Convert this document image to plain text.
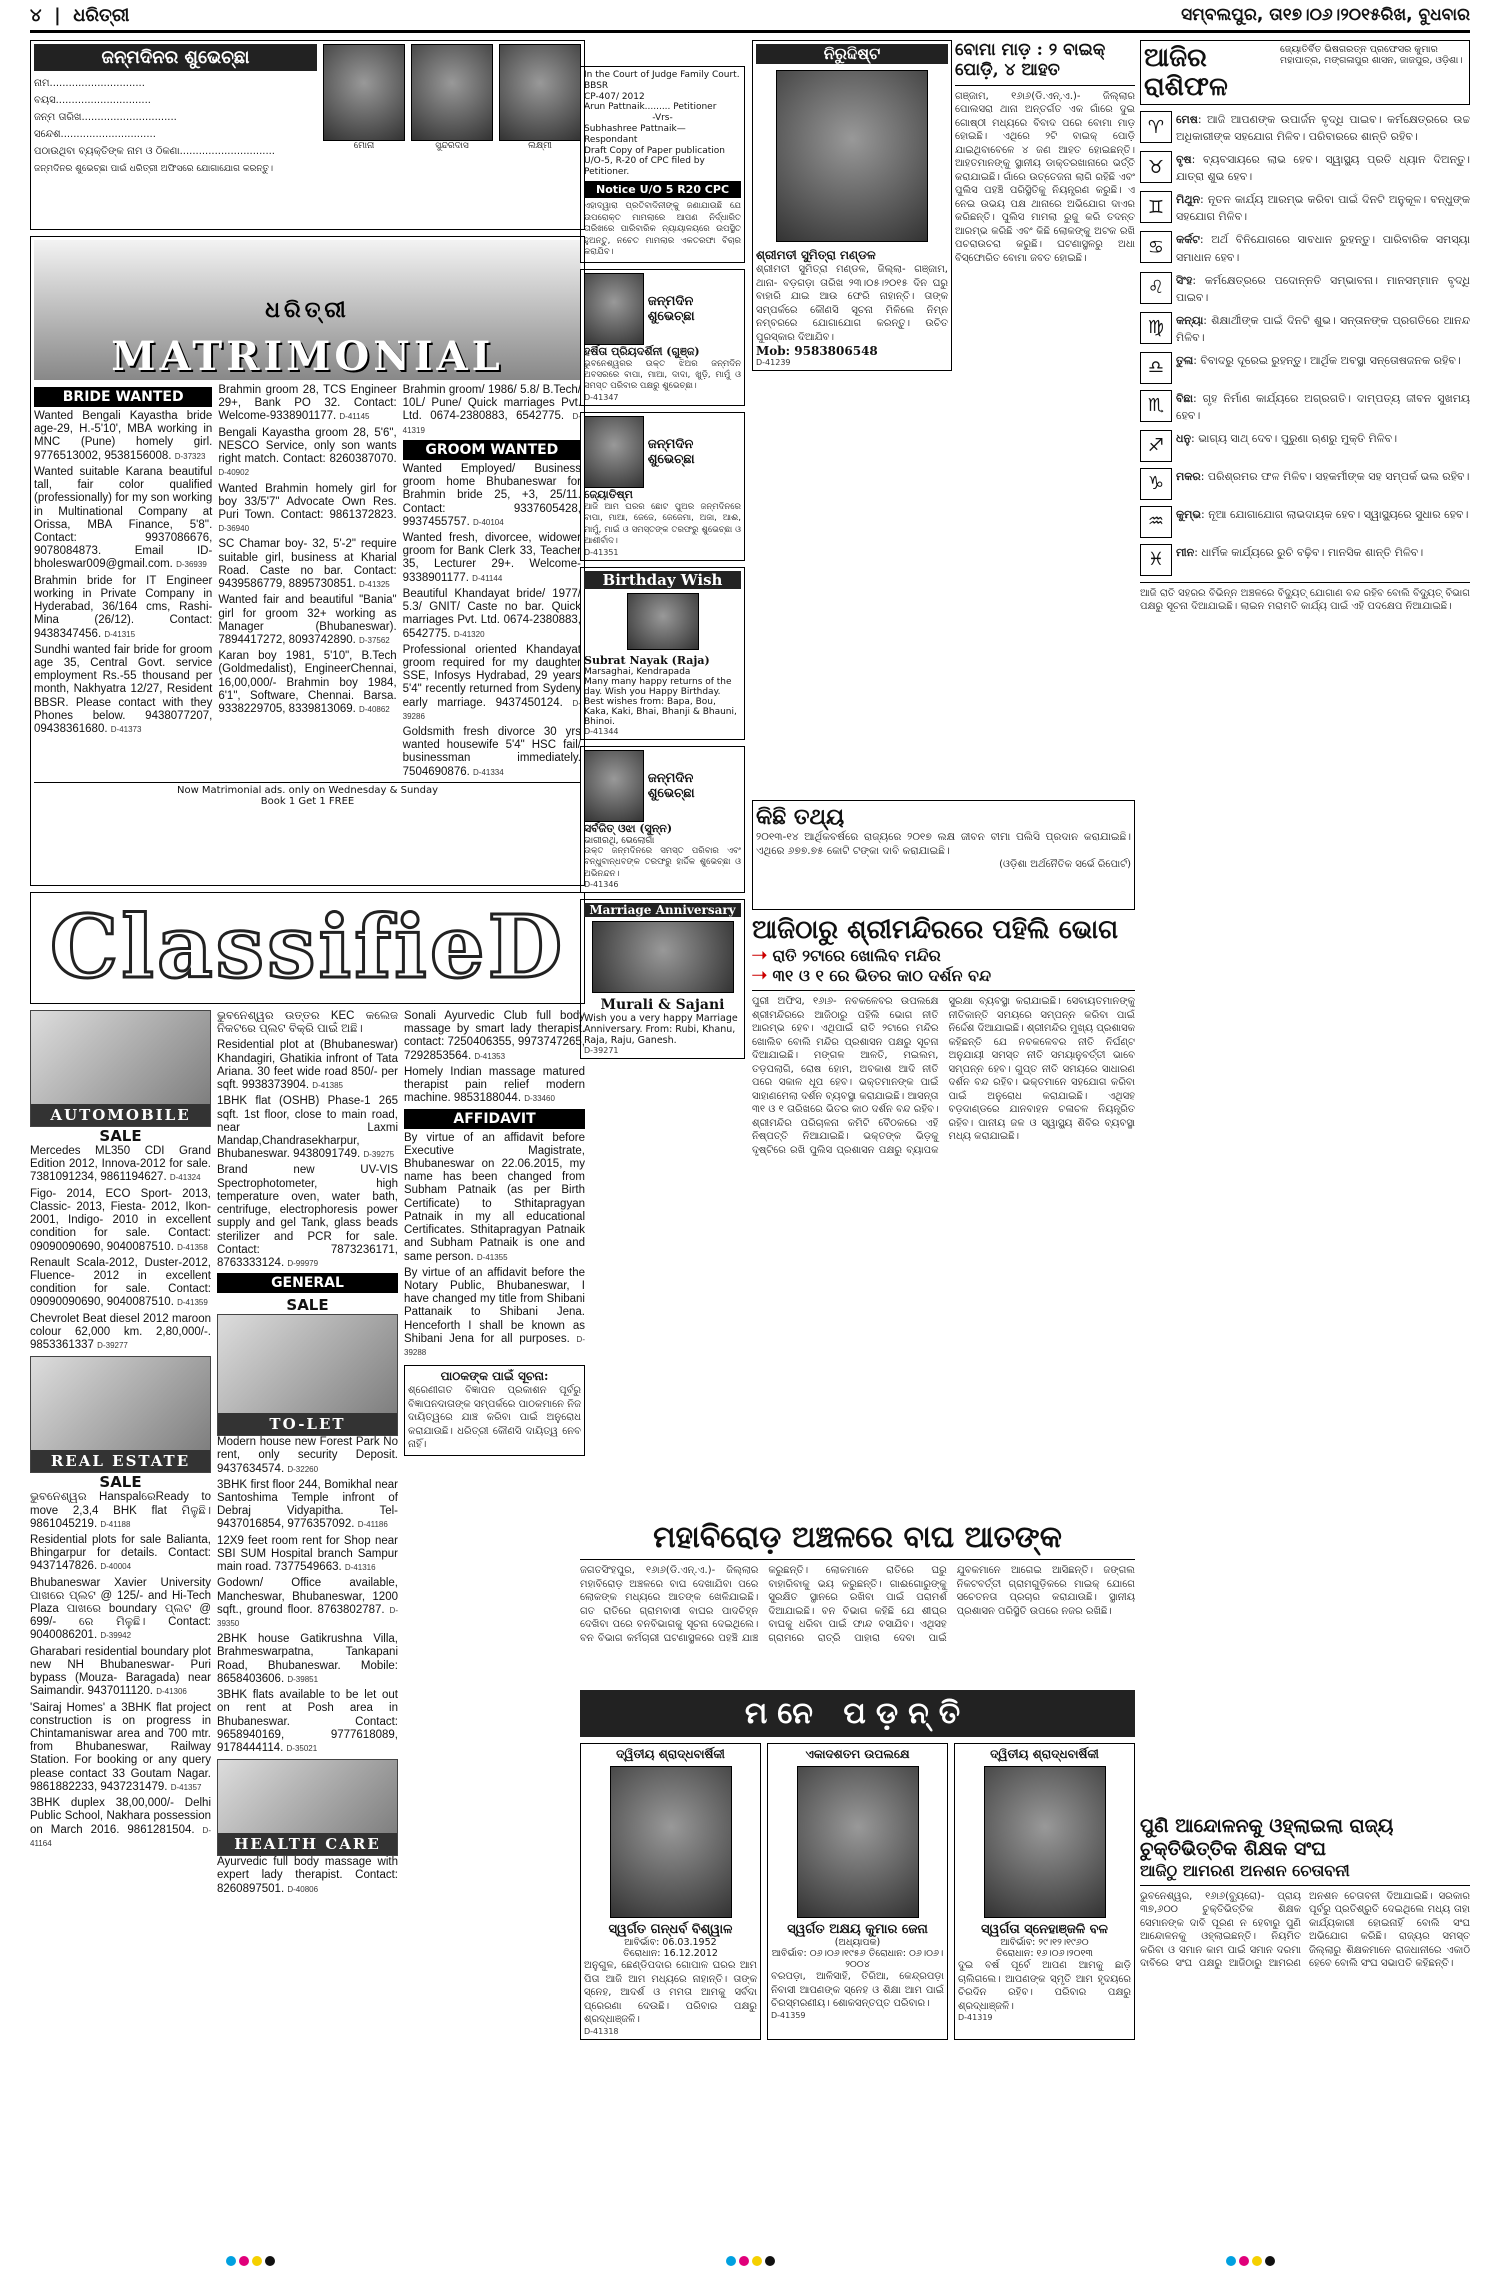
୪  |  ଧରିତ୍ରୀ	ସମ୍ବଲପୁର, ତା୧୭।୦୬।୨୦୧୫ରିଖ, ବୁଧବାର
ଜନ୍ମଦିନର ଶୁଭେଚ୍ଛା
ନାମ..............................
ବୟସ..............................
ଜନ୍ମ ତାରିଖ..............................
ସନ୍ଦେଶ..............................
ପଠାଉଥିବା ବ୍ୟକ୍ତିଙ୍କ ନାମ ଓ ଠିକଣା..............................	ମୋନା	ସୁନ୍ଦରଦାସ	ଲକ୍ଷ୍ମୀ
ଜନ୍ମଦିନର ଶୁଭେଚ୍ଛା ପାଇଁ ଧରିତ୍ରୀ ଅଫିସରେ ଯୋଗାଯୋଗ କରନ୍ତୁ।
ଧରିତ୍ରୀ
MATRIMONIAL
BRIDE WANTED
Wanted Bengali Kayastha bride age-29, H.-5'10', MBA working in MNC (Pune) homely girl. 9776513002, 9538156008. D-37323
Wanted suitable Karana beautiful tall, fair color qualified (professionally) for my son working in Multinational Company at Orissa, MBA Finance, 5'8''. Contact: 9937086676, 9078084873. Email ID-bholeswar009@gmail.com. D-36939
Brahmin bride for IT Engineer working in Private Company in Hyderabad, 36/164 cms, Rashi-Mina (26/12). Contact: 9438347456. D-41315
Sundhi wanted fair bride for groom age 35, Central Govt. service employment Rs.-55 thousand per month, Nakhyatra 12/27, Resident BBSR. Please contact with they Phones below. 9438077207, 09438361680. D-41373
Brahmin groom 28, TCS Engineer 29+, Bank PO 32. Contact: Welcome-9338901177. D-41145
Bengali Kayastha groom 28, 5'6", NESCO Service, only son wants right match. Contact: 8260387070. D-40902
Wanted Brahmin homely girl for boy 33/5'7" Advocate Own Res. Puri Town. Contact: 9861372823. D-36940
SC Chamar boy- 32, 5'-2" require suitable girl, business at Kharial Road. Caste no bar. Contact: 9439586779, 8895730851. D-41325
Wanted fair and beautiful "Bania" girl for groom 32+ working as Manager (Bhubaneswar). 7894417272, 8093742890. D-37562
Karan boy 1981, 5'10", B.Tech (Goldmedalist), EngineerChennai, 16,00,000/- Brahmin boy 1984, 6'1", Software, Chennai. Barsa. 9338229705, 8339813069. D-40862
Brahmin groom/ 1986/ 5.8/ B.Tech/ 10L/ Pune/ Quick marriages Pvt. Ltd. 0674-2380883, 6542775. D-41319
GROOM WANTED
Wanted Employed/ Business groom home Bhubaneswar for Brahmin bride 25, +3, 25/11. Contact: 9337605428, 9937455757. D-40104
Wanted fresh, divorcee, widower groom for Bank Clerk 33, Teacher 35, Lecturer 29+. Welcome-9338901177. D-41144
Beautiful Khandayat bride/ 1977/ 5.3/ GNIT/ Caste no bar. Quick marriages Pvt. Ltd. 0674-2380883, 6542775. D-41320
Professional oriented Khandayat groom required for my daughter SSE, Infosys Hydrabad, 29 years 5'4" recently returned from Sydeny early marriage. 9437450124. D-39286
Goldsmith fresh divorce 30 yrs wanted housewife 5'4" HSC fail/ businessman immediately. 7504690876. D-41334
Now Matrimonial ads. only on Wednesday & Sunday
Book 1 Get 1 FREE
ClassifieD
AUTOMOBILE
SALE
Mercedes ML350 CDI Grand Edition 2012, Innova-2012 for sale. 7381091234, 9861194627. D-41324
Figo- 2014, ECO Sport- 2013, Classic- 2013, Fiesta- 2012, Ikon- 2001, Indigo- 2010 in excellent condition for sale. Contact: 09090090690, 9040087510. D-41358
Renault Scala-2012, Duster-2012, Fluence- 2012 in excellent condition for sale. Contact: 09090090690, 9040087510. D-41359
Chevrolet Beat diesel 2012 maroon colour 62,000 km. 2,80,000/-. 9853361337 D-39277
REAL ESTATE
SALE
ଭୁବନେଶ୍ୱର HanspalରେReady to move 2,3,4 BHK flat ମିଳୁଛି। 9861045219. D-41188
Residential plots for sale Balianta, Bhingarpur for details. Contact: 9437147826. D-40004
Bhubaneswar Xavier University ପାଖରେ ପ୍ଲଟ @ 125/- and Hi-Tech Plaza ପାଖରେ boundary ପ୍ଲଟ @ 699/- ରେ ମିଳୁଛି। Contact: 9040086201. D-39942
Gharabari residential boundary plot new NH Bhubaneswar- Puri bypass (Mouza- Baragada) near Saimandir. 9437011120. D-41306
'Sairaj Homes' a 3BHK flat project construction is on progress in Chintamaniswar area and 700 mtr. from Bhubaneswar, Railway Station. For booking or any query please contact 33 Goutam Nagar. 9861882233, 9437231479. D-41357
3BHK duplex 38,00,000/- Delhi Public School, Nakhara possession on March 2016. 9861281504. D-41164
ଭୁବନେଶ୍ୱର ଉତ୍ତର KEC କଲେଜ ନିକଟରେ ପ୍ଲଟ ବିକ୍ରି ପାଇଁ ଅଛି।
Residential plot at (Bhubaneswar) Khandagiri, Ghatikia infront of Tata Ariana. 30 feet wide road 850/- per sqft. 9938373904. D-41385
1BHK flat (OSHB) Phase-1 265 sqft. 1st floor, close to main road, near Laxmi Mandap,Chandrasekharpur, Bhubaneswar. 9438091749. D-39275
Brand new UV-VIS Spectrophotometer, high temperature oven, water bath, centrifuge, electrophoresis power supply and gel Tank, glass beads sterilizer and PCR for sale. Contact: 7873236171, 8763333124. D-99979
GENERAL
SALE
TO-LET
Modern house new Forest Park No rent, only security Deposit. 9437634574. D-32260
3BHK first floor 244, Bomikhal near Santoshima Temple infront of Debraj Vidyapitha. Tel-9437016854, 9776357092. D-41186
12X9 feet room rent for Shop near SBI SUM Hospital branch Sampur main road. 7377549663. D-41316
Godown/ Office available, Mancheswar, Bhubaneswar, 1200 sqft., ground floor. 8763802787. D-39350
2BHK house Gatikrushna Villa, Brahmeswarpatna, Tankapani Road, Bhubaneswar. Mobile: 8658403606. D-39851
3BHK flats available to be let out on rent at Posh area in Bhubaneswar. Contact: 9658940169, 9777618089, 9178444114. D-35021
HEALTH CARE
Ayurvedic full body massage with expert lady therapist. Contact: 8260897501. D-40806
Sonali Ayurvedic Club full body massage by smart lady therapist. contact: 7250406355, 9973747265, 7292853564. D-41353
Homely Indian massage matured therapist pain relief modern machine. 9853188044. D-33460
AFFIDAVIT
By virtue of an affidavit before Executive Magistrate, Bhubaneswar on 22.06.2015, my name has been changed from Subham Patnaik (as per Birth Certificate) to Sthitapragyan Patnaik in my all educational Certificates. Sthitapragyan Patnaik and Subham Patnaik is one and same person. D-41355
By virtue of an affidavit before the Notary Public, Bhubaneswar, I have changed my title from Shibani Pattanaik to Shibani Jena. Henceforth I shall be known as Shibani Jena for all purposes. D-39288
ପାଠକଙ୍କ ପାଇଁ ସୂଚନା:
ଶ୍ରେଣୀଗତ ବିଜ୍ଞାପନ ପ୍ରକାଶନ ପୂର୍ବରୁ ବିଜ୍ଞାପନଦାତାଙ୍କ ସମ୍ପର୍କରେ ପାଠକମାନେ ନିଜ ଦାୟିତ୍ୱରେ ଯାଞ୍ଚ କରିବା ପାଇଁ ଅନୁରୋଧ କରାଯାଉଛି। ଧରିତ୍ରୀ କୌଣସି ଦାୟିତ୍ୱ ନେବ ନାହିଁ।
In the Court of Judge Family Court. BBSR
CP-407/ 2012
Arun Pattnaik......... Petitioner
-Vrs-
Subhashree Pattnaik— Respondant
Draft Copy of Paper publication U/O-5, R-20 of CPC filed by Petitioner.
Notice U/O 5 R20 CPC
ଏହାଦ୍ୱାରା ପ୍ରତିବାଦିନୀଙ୍କୁ ଜଣାଯାଉଛି ଯେ ଉପରୋକ୍ତ ମାମଲାରେ ଆପଣ ନିର୍ଦ୍ଧାରିତ ତାରିଖରେ ପାରିବାରିକ ନ୍ୟାୟାଳୟରେ ଉପସ୍ଥିତ ହୁଅନ୍ତୁ, ନଚେତ ମାମଲାର ଏକତରଫା ବିଚାର କରାଯିବ।
ଜନ୍ମଦିନ ଶୁଭେଚ୍ଛା
ହର୍ଷିତା ପ୍ରିୟଦର୍ଶିନୀ (ଗୁଞ୍ଜ)
ଭୁବନେଶ୍ୱରର ଉକ୍ତ ଝିଅର ଜନ୍ମଦିନ ଅବସରରେ ବାପା, ମାଆ, ଦାଦା, ଖୁଡ଼ି, ମାମୁଁ ଓ ସମସ୍ତ ପରିବାର ପକ୍ଷରୁ ଶୁଭେଚ୍ଛା।
D-41347
ଜନ୍ମଦିନ ଶୁଭେଚ୍ଛା
ଜ୍ୟୋତିଷ୍ମ
ଆଜି ଆମ ଘରର ଛୋଟ ପୁଅର ଜନ୍ମଦିନରେ ବାପା, ମାଆ, ଜେଜେ, ଜେଜେମା, ଅଜା, ଆଈ, ମାମୁଁ, ମାଇଁ ଓ ସମସ୍ତଙ୍କ ତରଫରୁ ଶୁଭେଚ୍ଛା ଓ ଆଶୀର୍ବାଦ।
D-41351
Birthday Wish
Subrat Nayak (Raja)
Marsaghai, Kendrapada
Many many happy returns of the day. Wish you Happy Birthday. Best wishes from: Bapa, Bou, Kaka, Kaki, Bhai, Bhanji & Bhauni, Bhinoi.
D-41344
ଜନ୍ମଦିନ ଶୁଭେଚ୍ଛା
ସର୍ବଜିତ୍ ଓଝା (ସୁନ୍ନ)
ଭାଗୀରଥି, ଭେଲୋଗାଁ
ଉକ୍ତ ଜନ୍ମଦିନରେ ସମସ୍ତ ପରିବାର ଏବଂ ବନ୍ଧୁବାନ୍ଧବଙ୍କ ତରଫରୁ ହାର୍ଦ୍ଦିକ ଶୁଭେଚ୍ଛା ଓ ଅଭିନନ୍ଦନ।
D-41346
Marriage Anniversary
Murali & Sajani
Wish you a very happy Marriage Anniversary. From: Rubi, Khanu, Raja, Raju, Ganesh.
D-39271
ନିରୁଦ୍ଦିଷ୍ଟ
ଶ୍ରୀମତୀ ସୁମିତ୍ରା ମଣ୍ଡଳ
ଶ୍ରୀମତୀ ସୁମିତ୍ରା ମଣ୍ଡଳ, ଜିଲ୍ଲା- ଗଞ୍ଜାମ, ଥାନା- ବଡ଼ଗଡ଼ା ତାରିଖ ୨୩।୦୫।୨୦୧୫ ଦିନ ଘରୁ ବାହାରି ଯାଇ ଆଉ ଫେରି ନାହାନ୍ତି। ତାଙ୍କ ସମ୍ପର୍କରେ କୌଣସି ସୂଚନା ମିଳିଲେ ନିମ୍ନ ନମ୍ବରରେ ଯୋଗାଯୋଗ କରନ୍ତୁ। ଉଚିତ ପୁରସ୍କାର ଦିଆଯିବ।
Mob: 9583806548
D-41239
ବୋମା ମାଡ଼ : ୨ ବାଇକ୍ ପୋଡ଼ି, ୪ ଆହତ
ଗଞ୍ଜାମ, ୧୬ା୬(ଡି.ଏନ୍.ଏ.)- ଜିଲ୍ଲାର ପୋଲସରା ଥାନା ଅନ୍ତର୍ଗତ ଏକ ଗାଁରେ ଦୁଇ ଗୋଷ୍ଠୀ ମଧ୍ୟରେ ବିବାଦ ପରେ ବୋମା ମାଡ଼ ହୋଇଛି। ଏଥିରେ ୨ଟି ବାଇକ୍ ପୋଡ଼ି ଯାଇଥିବାବେଳେ ୪ ଜଣ ଆହତ ହୋଇଛନ୍ତି। ଆହତମାନଙ୍କୁ ସ୍ଥାନୀୟ ଡାକ୍ତରଖାନାରେ ଭର୍ତ୍ତି କରାଯାଇଛି। ଗାଁରେ ଉତ୍ତେଜନା ଲାଗି ରହିଛି ଏବଂ ପୁଲିସ ପହଞ୍ଚି ପରିସ୍ଥିତିକୁ ନିୟନ୍ତ୍ରଣ କରୁଛି। ଏ ନେଇ ଉଭୟ ପକ୍ଷ ଥାନାରେ ଅଭିଯୋଗ ଦାଏର କରିଛନ୍ତି। ପୁଲିସ ମାମଲା ରୁଜୁ କରି ତଦନ୍ତ ଆରମ୍ଭ କରିଛି ଏବଂ କିଛି ଲୋକଙ୍କୁ ଅଟକ ରଖି ପଚରାଉଚରା କରୁଛି। ଘଟଣାସ୍ଥଳରୁ ଅଧା ବିସ୍ଫୋରିତ ବୋମା ଜବତ ହୋଇଛି।
କିଛି ତଥ୍ୟ
୨୦୧୩-୧୪ ଆର୍ଥିକବର୍ଷରେ ରାଜ୍ୟରେ ୨୦୧୭ ଲକ୍ଷ ଜୀବନ ବୀମା ପଲିସି ପ୍ରଦାନ କରାଯାଇଛି। ଏଥିରେ ୬୭୭.୭୫ କୋଟି ଟଙ୍କା ଦାବି କରାଯାଇଛି।
(ଓଡ଼ିଶା ଅର୍ଥନୈତିକ ସର୍ଭେ ରିପୋର୍ଟ)
ଆଜିଠାରୁ ଶ୍ରୀମନ୍ଦିରରେ ପହିଲି ଭୋଗ
➝ ରାତି ୨ଟାରେ ଖୋଲିବ ମନ୍ଦିର
➝ ୩୧ ଓ ୧ ରେ ଭିତର କାଠ ଦର୍ଶନ ବନ୍ଦ
ପୁରୀ ଅଫିସ, ୧୬ା୬- ନବକଳେବର ଉପଲକ୍ଷେ ଶ୍ରୀମନ୍ଦିରରେ ଆଜିଠାରୁ ପହିଲି ଭୋଗ ନୀତି ଆରମ୍ଭ ହେବ। ଏଥିପାଇଁ ରାତି ୨ଟାରେ ମନ୍ଦିର ଖୋଲିବ ବୋଲି ମନ୍ଦିର ପ୍ରଶାସନ ପକ୍ଷରୁ ସୂଚନା ଦିଆଯାଇଛି। ମଙ୍ଗଳ ଆଳତି, ମଇଲମ, ତଡ଼ପଲାଗି, ରୋଷ ହୋମ, ଅବକାଶ ଆଦି ନୀତି ପରେ ସକାଳ ଧୂପ ହେବ। ଭକ୍ତମାନଙ୍କ ପାଇଁ ସାହାଣମେଲା ଦର୍ଶନ ବ୍ୟବସ୍ଥା କରାଯାଇଛି। ଆସନ୍ତା ୩୧ ଓ ୧ ତାରିଖରେ ଭିତର କାଠ ଦର୍ଶନ ବନ୍ଦ ରହିବ। ଶ୍ରୀମନ୍ଦିର ପରିଚାଳନା କମିଟି ବୈଠକରେ ଏହି ନିଷ୍ପତ୍ତି ନିଆଯାଇଛି। ଭକ୍ତଙ୍କ ଭିଡ଼କୁ ଦୃଷ୍ଟିରେ ରଖି ପୁଲିସ ପ୍ରଶାସନ ପକ୍ଷରୁ ବ୍ୟାପକ ସୁରକ୍ଷା ବ୍ୟବସ୍ଥା କରାଯାଇଛି। ସେବାୟତମାନଙ୍କୁ ନୀତିକାନ୍ତି ସମୟରେ ସମ୍ପନ୍ନ କରିବା ପାଇଁ ନିର୍ଦ୍ଦେଶ ଦିଆଯାଇଛି। ଶ୍ରୀମନ୍ଦିର ମୁଖ୍ୟ ପ୍ରଶାସକ କହିଛନ୍ତି ଯେ ନବକଳେବର ନୀତି ନିର୍ଘଣ୍ଟ ଅନୁଯାୟୀ ସମସ୍ତ ନୀତି ସମୟାନୁବର୍ତ୍ତୀ ଭାବେ ସମ୍ପନ୍ନ ହେବ। ଗୁପ୍ତ ନୀତି ସମୟରେ ସାଧାରଣ ଦର୍ଶନ ବନ୍ଦ ରହିବ। ଭକ୍ତମାନେ ସହଯୋଗ କରିବା ପାଇଁ ଅନୁରୋଧ କରାଯାଇଛି। ଏଥିସହ ବଡ଼ଦାଣ୍ଡରେ ଯାନବାହନ ଚଳାଚଳ ନିୟନ୍ତ୍ରିତ ରହିବ। ପାନୀୟ ଜଳ ଓ ସ୍ୱାସ୍ଥ୍ୟ ଶିବିର ବ୍ୟବସ୍ଥା ମଧ୍ୟ କରାଯାଇଛି।
ମହାବିରୋଡ଼ ଅଞ୍ଚଳରେ ବାଘ ଆତଙ୍କ
ଜଗତସିଂହପୁର, ୧୬ା୬(ଡି.ଏନ୍.ଏ.)- ଜିଲ୍ଲାର ମହାବିରୋଡ଼ ଅଞ୍ଚଳରେ ବାଘ ଦେଖାଯିବା ପରେ ଲୋକଙ୍କ ମଧ୍ୟରେ ଆତଙ୍କ ଖେଳିଯାଇଛି। ଗତ ରାତିରେ ଗ୍ରାମବାସୀ ବାଘର ପାଦଚିହ୍ନ ଦେଖିବା ପରେ ବନବିଭାଗକୁ ସୂଚନା ଦେଇଥିଲେ। ବନ ବିଭାଗ କର୍ମଚାରୀ ଘଟଣାସ୍ଥଳରେ ପହଞ୍ଚି ଯାଞ୍ଚ କରୁଛନ୍ତି। ଲୋକମାନେ ରାତିରେ ଘରୁ ବାହାରିବାକୁ ଭୟ କରୁଛନ୍ତି। ଗାଈଗୋରୁଙ୍କୁ ସୁରକ୍ଷିତ ସ୍ଥାନରେ ରଖିବା ପାଇଁ ପରାମର୍ଶ ଦିଆଯାଇଛି। ବନ ବିଭାଗ କହିଛି ଯେ ଶୀଘ୍ର ବାଘକୁ ଧରିବା ପାଇଁ ଫାନ୍ଦ ବସାଯିବ। ଏଥିସହ ଗ୍ରାମରେ ରାତ୍ରି ପାହାରା ଦେବା ପାଇଁ ଯୁବକମାନେ ଆଗେଇ ଆସିଛନ୍ତି। ଜଙ୍ଗଲ ନିକଟବର୍ତ୍ତୀ ଗ୍ରାମଗୁଡ଼ିକରେ ମାଇକ୍ ଯୋଗେ ସଚେତନତା ପ୍ରଚାର କରାଯାଉଛି। ସ୍ଥାନୀୟ ପ୍ରଶାସନ ପରିସ୍ଥିତି ଉପରେ ନଜର ରଖିଛି।
ମନେ ପଡ଼ନ୍ତି
ଦ୍ୱିତୀୟ ଶ୍ରାଦ୍ଧବାର୍ଷିକୀ
ସ୍ୱର୍ଗତ ଗନ୍ଧର୍ବ ବିଶ୍ୱାଳ
ଆବିର୍ଭାବ: 06.03.1952
ତିରୋଧାନ: 16.12.2012
ଅନୁଗୁଳ, ଛେଣ୍ଡିପଦାର ଗୋପାଳ ଘରର ଆମ ପିତା ଆଜି ଆମ ମଧ୍ୟରେ ନାହାନ୍ତି। ତାଙ୍କ ସ୍ନେହ, ଆଦର୍ଶ ଓ ମମତା ଆମକୁ ସର୍ବଦା ପ୍ରେରଣା ଦେଉଛି। ପରିବାର ପକ୍ଷରୁ ଶ୍ରଦ୍ଧାଞ୍ଜଳି।
D-41318
ଏକାଦଶତମ ଉପଲକ୍ଷେ
ସ୍ୱର୍ଗତ ଅକ୍ଷୟ କୁମାର ଜେନା
(ଅଧ୍ୟାପକ)
ଆବିର୍ଭାବ: ୦୬।୦୬।୧୯୫୬ ତିରୋଧାନ: ୦୬।୦୬।୨୦୦୪
ବରପଡ଼ା, ଆଳିସାହି, ତିରିଆ, କେନ୍ଦ୍ରପଡ଼ା ନିବାସୀ ଆପଣଙ୍କ ସ୍ନେହ ଓ ଶିକ୍ଷା ଆମ ପାଇଁ ଚିରସ୍ମରଣୀୟ। ଶୋକସନ୍ତପ୍ତ ପରିବାର।
D-41359
ଦ୍ୱିତୀୟ ଶ୍ରାଦ୍ଧବାର୍ଷିକୀ
ସ୍ୱର୍ଗତା ସ୍ନେହାଞ୍ଜଳି ବଳ
ଆବିର୍ଭାବ: ୨୯।୧୨।୧୯୬୦
ତିରୋଧାନ: ୧୬।୦୬।୨୦୧୩
ଦୁଇ ବର୍ଷ ପୂର୍ବେ ଆପଣ ଆମକୁ ଛାଡ଼ି ଚାଲିଗଲେ। ଆପଣଙ୍କ ସ୍ମୃତି ଆମ ହୃଦୟରେ ଚିରଦିନ ରହିବ। ପରିବାର ପକ୍ଷରୁ ଶ୍ରଦ୍ଧାଞ୍ଜଳି।
D-41319
ଆଜିର ରାଶିଫଳ
ଜ୍ୟୋତିର୍ବିତ ଭିଷଗରତ୍ନ ପ୍ରଫେସର କୁମାର ମହାପାତ୍ର, ମଙ୍ଗଳାପୁର ଶାସନ, ଜାଜପୁର, ଓଡ଼ିଶା।
♈	ମେଷ: ଆଜି ଆପଣଙ୍କ ଉପାର୍ଜନ ବୃଦ୍ଧି ପାଇବ। କର୍ମକ୍ଷେତ୍ରରେ ଉଚ୍ଚ ଅଧିକାରୀଙ୍କ ସହଯୋଗ ମିଳିବ। ପରିବାରରେ ଶାନ୍ତି ରହିବ।
♉	ବୃଷ: ବ୍ୟବସାୟରେ ଲାଭ ହେବ। ସ୍ୱାସ୍ଥ୍ୟ ପ୍ରତି ଧ୍ୟାନ ଦିଅନ୍ତୁ। ଯାତ୍ରା ଶୁଭ ହେବ।
♊	ମିଥୁନ: ନୂତନ କାର୍ଯ୍ୟ ଆରମ୍ଭ କରିବା ପାଇଁ ଦିନଟି ଅନୁକୂଳ। ବନ୍ଧୁଙ୍କ ସହଯୋଗ ମିଳିବ।
♋	କର୍କଟ: ଅର୍ଥ ବିନିଯୋଗରେ ସାବଧାନ ରୁହନ୍ତୁ। ପାରିବାରିକ ସମସ୍ୟା ସମାଧାନ ହେବ।
♌	ସିଂହ: କର୍ମକ୍ଷେତ୍ରରେ ପଦୋନ୍ନତି ସମ୍ଭାବନା। ମାନସମ୍ମାନ ବୃଦ୍ଧି ପାଇବ।
♍	କନ୍ୟା: ଶିକ୍ଷାର୍ଥୀଙ୍କ ପାଇଁ ଦିନଟି ଶୁଭ। ସନ୍ତାନଙ୍କ ପ୍ରଗତିରେ ଆନନ୍ଦ ମିଳିବ।
♎	ତୁଳା: ବିବାଦରୁ ଦୂରେଇ ରୁହନ୍ତୁ। ଆର୍ଥିକ ଅବସ୍ଥା ସନ୍ତୋଷଜନକ ରହିବ।
♏	ବିଛା: ଗୃହ ନିର୍ମାଣ କାର୍ଯ୍ୟରେ ଅଗ୍ରଗତି। ଦାମ୍ପତ୍ୟ ଜୀବନ ସୁଖମୟ ହେବ।
♐	ଧନୁ: ଭାଗ୍ୟ ସାଥ୍ ଦେବ। ପୁରୁଣା ଋଣରୁ ମୁକ୍ତି ମିଳିବ।
♑	ମକର: ପରିଶ୍ରମର ଫଳ ମିଳିବ। ସହକର୍ମୀଙ୍କ ସହ ସମ୍ପର୍କ ଭଲ ରହିବ।
♒	କୁମ୍ଭ: ନୂଆ ଯୋଗାଯୋଗ ଲାଭଦାୟକ ହେବ। ସ୍ୱାସ୍ଥ୍ୟରେ ସୁଧାର ହେବ।
♓	ମୀନ: ଧାର୍ମିକ କାର୍ଯ୍ୟରେ ରୁଚି ବଢ଼ିବ। ମାନସିକ ଶାନ୍ତି ମିଳିବ।
ଆଜି ରାତି ସହରର ବିଭିନ୍ନ ଅଞ୍ଚଳରେ ବିଦ୍ୟୁତ୍ ଯୋଗାଣ ବନ୍ଦ ରହିବ ବୋଲି ବିଦ୍ୟୁତ୍ ବିଭାଗ ପକ୍ଷରୁ ସୂଚନା ଦିଆଯାଇଛି। ଲାଇନ ମରାମତି କାର୍ଯ୍ୟ ପାଇଁ ଏହି ପଦକ୍ଷେପ ନିଆଯାଇଛି।
ପୁଣି ଆନ୍ଦୋଳନକୁ ଓହ୍ଲାଇଲା ରାଜ୍ୟ ଚୁକ୍ତିଭିତ୍ତିକ ଶିକ୍ଷକ ସଂଘ
ଆଜିଠୁ ଆମରଣ ଅନଶନ ଚେତାବନୀ
ଭୁବନେଶ୍ୱର, ୧୬ା୬(ବ୍ୟୁରୋ)- ପ୍ରାୟ ୩୭,୬୦୦ ଚୁକ୍ତିଭିତ୍ତିକ ଶିକ୍ଷକ ସେମାନଙ୍କ ଦାବି ପୂରଣ ନ ହେବାରୁ ପୁଣି ଆନ୍ଦୋଳନକୁ ଓହ୍ଲାଇଛନ୍ତି। ନିୟମିତ କରିବା ଓ ସମାନ କାମ ପାଇଁ ସମାନ ଦରମା ଦାବିରେ ସଂଘ ପକ୍ଷରୁ ଆଜିଠାରୁ ଆମରଣ ଅନଶନ ଚେତାବନୀ ଦିଆଯାଇଛି। ସରକାର ପୂର୍ବରୁ ପ୍ରତିଶ୍ରୁତି ଦେଇଥିଲେ ମଧ୍ୟ ତାହା କାର୍ଯ୍ୟକାରୀ ହୋଇନାହିଁ ବୋଲି ସଂଘ ଅଭିଯୋଗ କରିଛି। ରାଜ୍ୟର ସମସ୍ତ ଜିଲ୍ଲାରୁ ଶିକ୍ଷକମାନେ ରାଜଧାନୀରେ ଏକାଠି ହେବେ ବୋଲି ସଂଘ ସଭାପତି କହିଛନ୍ତି।
